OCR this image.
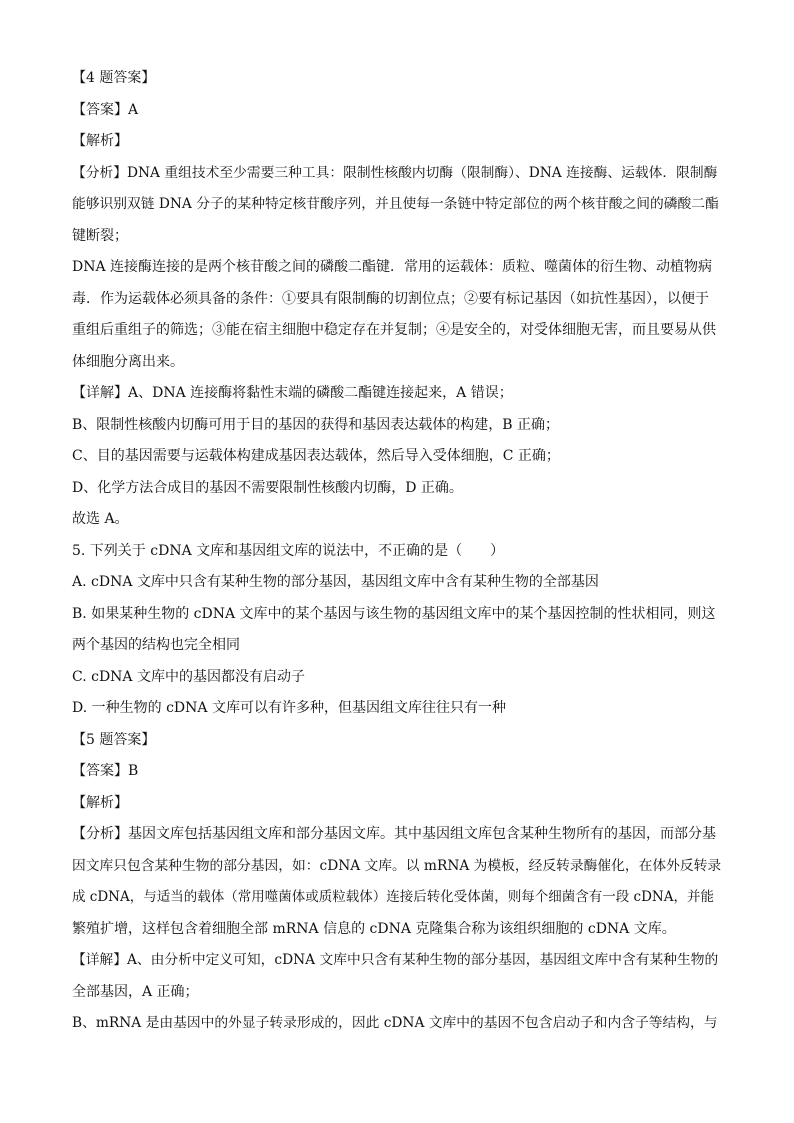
【4 题答案】
【答案】A
【解析】
【分析】DNA 重组技术至少需要三种工具：限制性核酸内切酶（限制酶）、DNA 连接酶、运载体．限制酶
能够识别双链 DNA 分子的某种特定核苷酸序列，并且使每一条链中特定部位的两个核苷酸之间的磷酸二酯
键断裂；
DNA 连接酶连接的是两个核苷酸之间的磷酸二酯键．常用的运载体：质粒、噬菌体的衍生物、动植物病
毒．作为运载体必须具备的条件：①要具有限制酶的切割位点；②要有标记基因（如抗性基因），以便于
重组后重组子的筛选；③能在宿主细胞中稳定存在并复制；④是安全的，对受体细胞无害，而且要易从供
体细胞分离出来。
【详解】A、DNA 连接酶将黏性末端的磷酸二酯键连接起来，A 错误；
B、限制性核酸内切酶可用于目的基因的获得和基因表达载体的构建，B 正确；
C、目的基因需要与运载体构建成基因表达载体，然后导入受体细胞，C 正确；
D、化学方法合成目的基因不需要限制性核酸内切酶，D 正确。
故选 A。
5. 下列关于 cDNA 文库和基因组文库的说法中，不正确的是（　　）
A. cDNA 文库中只含有某种生物的部分基因，基因组文库中含有某种生物的全部基因
B. 如果某种生物的 cDNA 文库中的某个基因与该生物的基因组文库中的某个基因控制的性状相同，则这
两个基因的结构也完全相同
C. cDNA 文库中的基因都没有启动子
D. 一种生物的 cDNA 文库可以有许多种，但基因组文库往往只有一种
【5 题答案】
【答案】B
【解析】
【分析】基因文库包括基因组文库和部分基因文库。其中基因组文库包含某种生物所有的基因，而部分基
因文库只包含某种生物的部分基因，如：cDNA 文库。以 mRNA 为模板，经反转录酶催化，在体外反转录
成 cDNA，与适当的载体（常用噬菌体或质粒载体）连接后转化受体菌，则每个细菌含有一段 cDNA，并能
繁殖扩增，这样包含着细胞全部 mRNA 信息的 cDNA 克隆集合称为该组织细胞的 cDNA 文库。
【详解】A、由分析中定义可知，cDNA 文库中只含有某种生物的部分基因，基因组文库中含有某种生物的
全部基因，A 正确；
B、mRNA 是由基因中的外显子转录形成的，因此 cDNA 文库中的基因不包含启动子和内含子等结构，与
